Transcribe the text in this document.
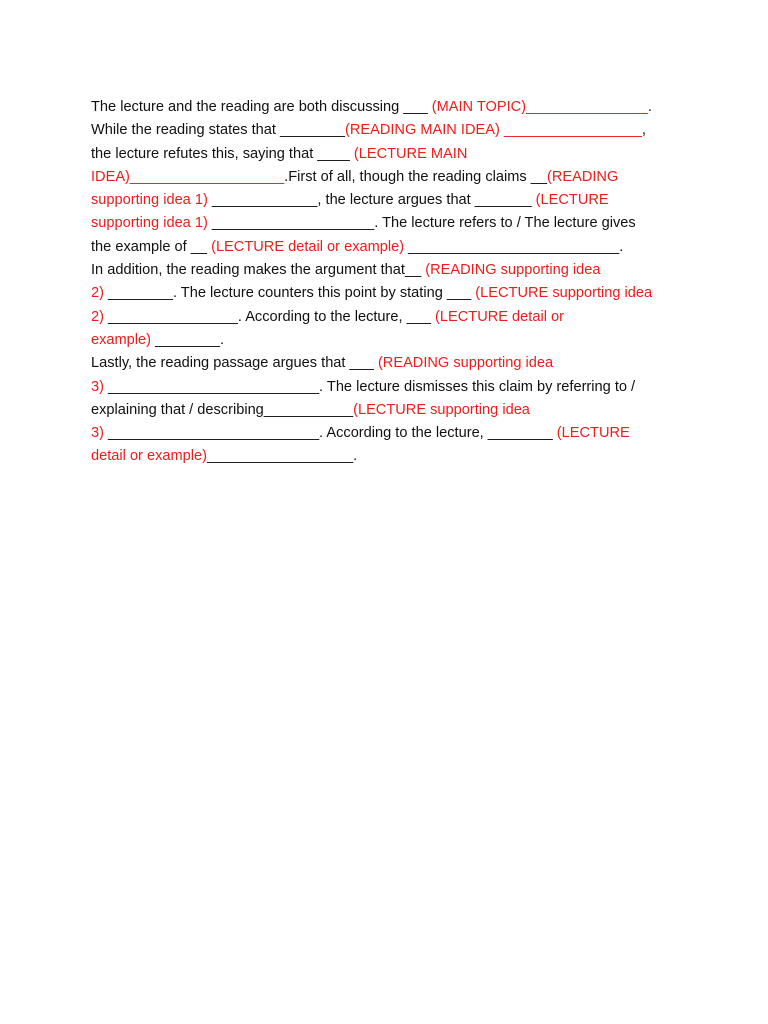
The lecture and the reading are both discussing ___ (MAIN TOPIC)_______________.
While the reading states that ________(READING MAIN IDEA) _________________,
the lecture refutes this, saying that ____ (LECTURE MAIN
IDEA)___________________.First of all, though the reading claims __(READING
supporting idea 1) _____________, the lecture argues that _______ (LECTURE
supporting idea 1) ____________________. The lecture refers to / The lecture gives
the example of __ (LECTURE detail or example) __________________________.
In addition, the reading makes the argument that__ (READING supporting idea
2) ________. The lecture counters this point by stating ___ (LECTURE supporting idea
2) ________________. According to the lecture, ___ (LECTURE detail or
example) ________.
Lastly, the reading passage argues that ___ (READING supporting idea
3) __________________________. The lecture dismisses this claim by referring to /
explaining that / describing___________(LECTURE supporting idea
3) __________________________. According to the lecture, ________ (LECTURE
detail or example)__________________.
